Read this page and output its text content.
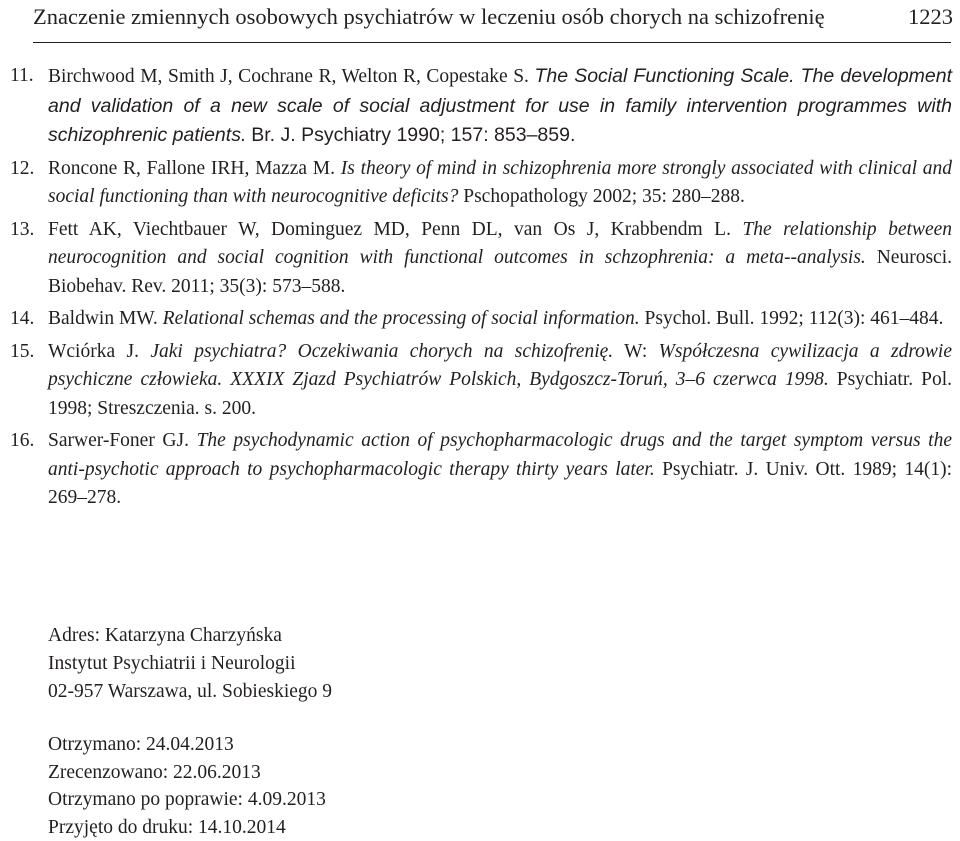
Znaczenie zmiennych osobowych psychiatrów w leczeniu osób chorych na schizofrenię	1223
11. Birchwood M, Smith J, Cochrane R, Welton R, Copestake S. The Social Functioning Scale. The development and validation of a new scale of social adjustment for use in family intervention programmes with schizophrenic patients. Br. J. Psychiatry 1990; 157: 853–859.
12. Roncone R, Fallone IRH, Mazza M. Is theory of mind in schizophrenia more strongly associated with clinical and social functioning than with neurocognitive deficits? Pschopathology 2002; 35: 280–288.
13. Fett AK, Viechtbauer W, Dominguez MD, Penn DL, van Os J, Krabbendm L. The relationship between neurocognition and social cognition with functional outcomes in schzophrenia: a meta--analysis. Neurosci. Biobehav. Rev. 2011; 35(3): 573–588.
14. Baldwin MW. Relational schemas and the processing of social information. Psychol. Bull. 1992; 112(3): 461–484.
15. Wciórka J. Jaki psychiatra? Oczekiwania chorych na schizofrenię. W: Współczesna cywilizacja a zdrowie psychiczne człowieka. XXXIX Zjazd Psychiatrów Polskich, Bydgoszcz-Toruń, 3–6 czerwca 1998. Psychiatr. Pol. 1998; Streszczenia. s. 200.
16. Sarwer-Foner GJ. The psychodynamic action of psychopharmacologic drugs and the target symptom versus the anti-psychotic approach to psychopharmacologic therapy thirty years later. Psychiatr. J. Univ. Ott. 1989; 14(1): 269–278.
Adres: Katarzyna Charzyńska
Instytut Psychiatrii i Neurologii
02-957 Warszawa, ul. Sobieskiego 9
Otrzymano: 24.04.2013
Zrecenzowano: 22.06.2013
Otrzymano po poprawie: 4.09.2013
Przyjęto do druku: 14.10.2014
